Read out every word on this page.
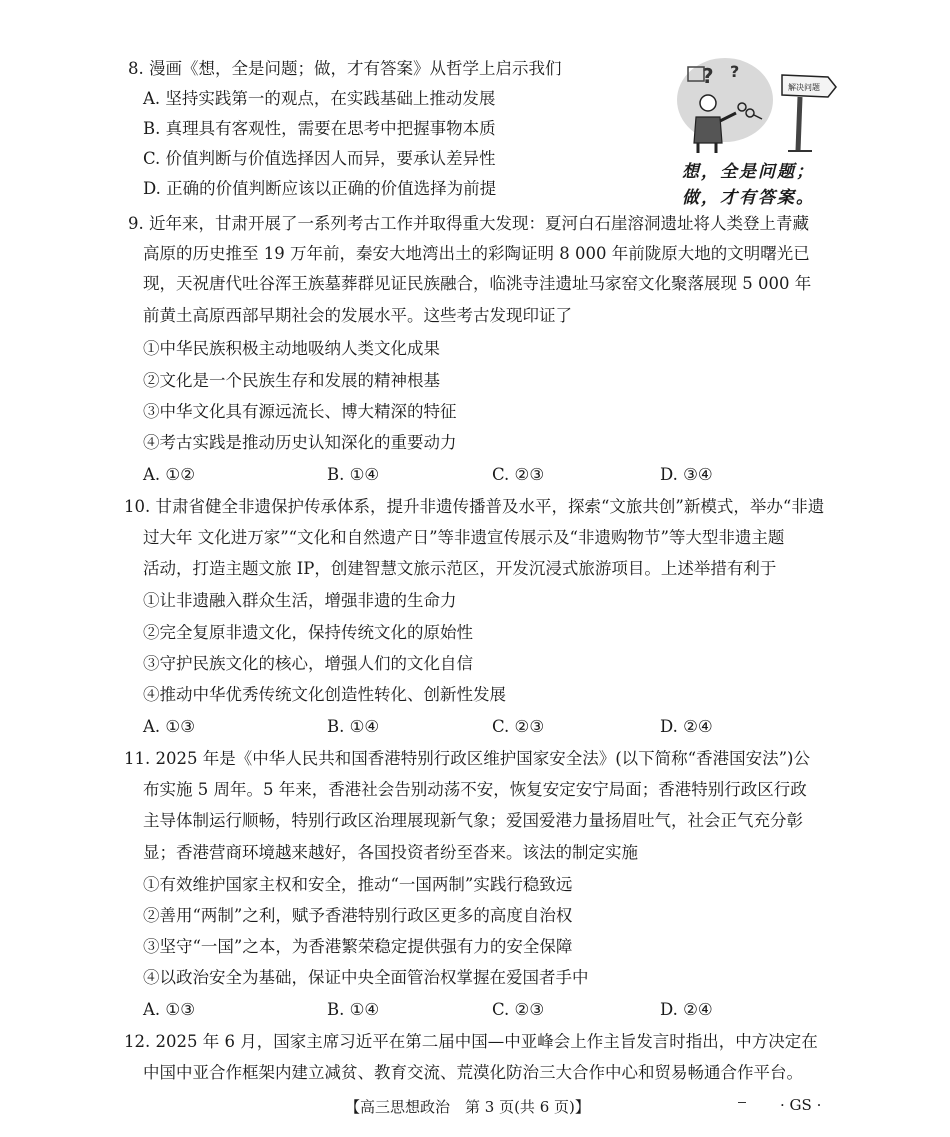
8. 漫画《想，全是问题；做，才有答案》从哲学上启示我们
A. 坚持实践第一的观点，在实践基础上推动发展
B. 真理具有客观性，需要在思考中把握事物本质
C. 价值判断与价值选择因人而异，要承认差异性
D. 正确的价值判断应该以正确的价值选择为前提
? ?
解决问题
想，全是问题；
做，才有答案。
9. 近年来，甘肃开展了一系列考古工作并取得重大发现：夏河白石崖溶洞遗址将人类登上青藏
高原的历史推至 19 万年前，秦安大地湾出土的彩陶证明 8 000 年前陇原大地的文明曙光已
现，天祝唐代吐谷浑王族墓葬群见证民族融合，临洮寺洼遗址马家窑文化聚落展现 5 000 年
前黄土高原西部早期社会的发展水平。这些考古发现印证了
①中华民族积极主动地吸纳人类文化成果
②文化是一个民族生存和发展的精神根基
③中华文化具有源远流长、博大精深的特征
④考古实践是推动历史认知深化的重要动力
A. ①②	B. ①④	C. ②③	D. ③④
10. 甘肃省健全非遗保护传承体系，提升非遗传播普及水平，探索“文旅共创”新模式，举办“非遗
过大年 文化进万家”“文化和自然遗产日”等非遗宣传展示及“非遗购物节”等大型非遗主题
活动，打造主题文旅 IP，创建智慧文旅示范区，开发沉浸式旅游项目。上述举措有利于
①让非遗融入群众生活，增强非遗的生命力
②完全复原非遗文化，保持传统文化的原始性
③守护民族文化的核心，增强人们的文化自信
④推动中华优秀传统文化创造性转化、创新性发展
A. ①③	B. ①④	C. ②③	D. ②④
11. 2025 年是《中华人民共和国香港特别行政区维护国家安全法》(以下简称“香港国安法”)公
布实施 5 周年。5 年来，香港社会告别动荡不安，恢复安定安宁局面；香港特别行政区行政
主导体制运行顺畅，特别行政区治理展现新气象；爱国爱港力量扬眉吐气，社会正气充分彰
显；香港营商环境越来越好，各国投资者纷至沓来。该法的制定实施
①有效维护国家主权和安全，推动“一国两制”实践行稳致远
②善用“两制”之利，赋予香港特别行政区更多的高度自治权
③坚守“一国”之本，为香港繁荣稳定提供强有力的安全保障
④以政治安全为基础，保证中央全面管治权掌握在爱国者手中
A. ①③	B. ①④	C. ②③	D. ②④
12. 2025 年 6 月，国家主席习近平在第二届中国—中亚峰会上作主旨发言时指出，中方决定在
中国中亚合作框架内建立减贫、教育交流、荒漠化防治三大合作中心和贸易畅通合作平台。
【高三思想政治　第 3 页(共 6 页)】	· GS ·
